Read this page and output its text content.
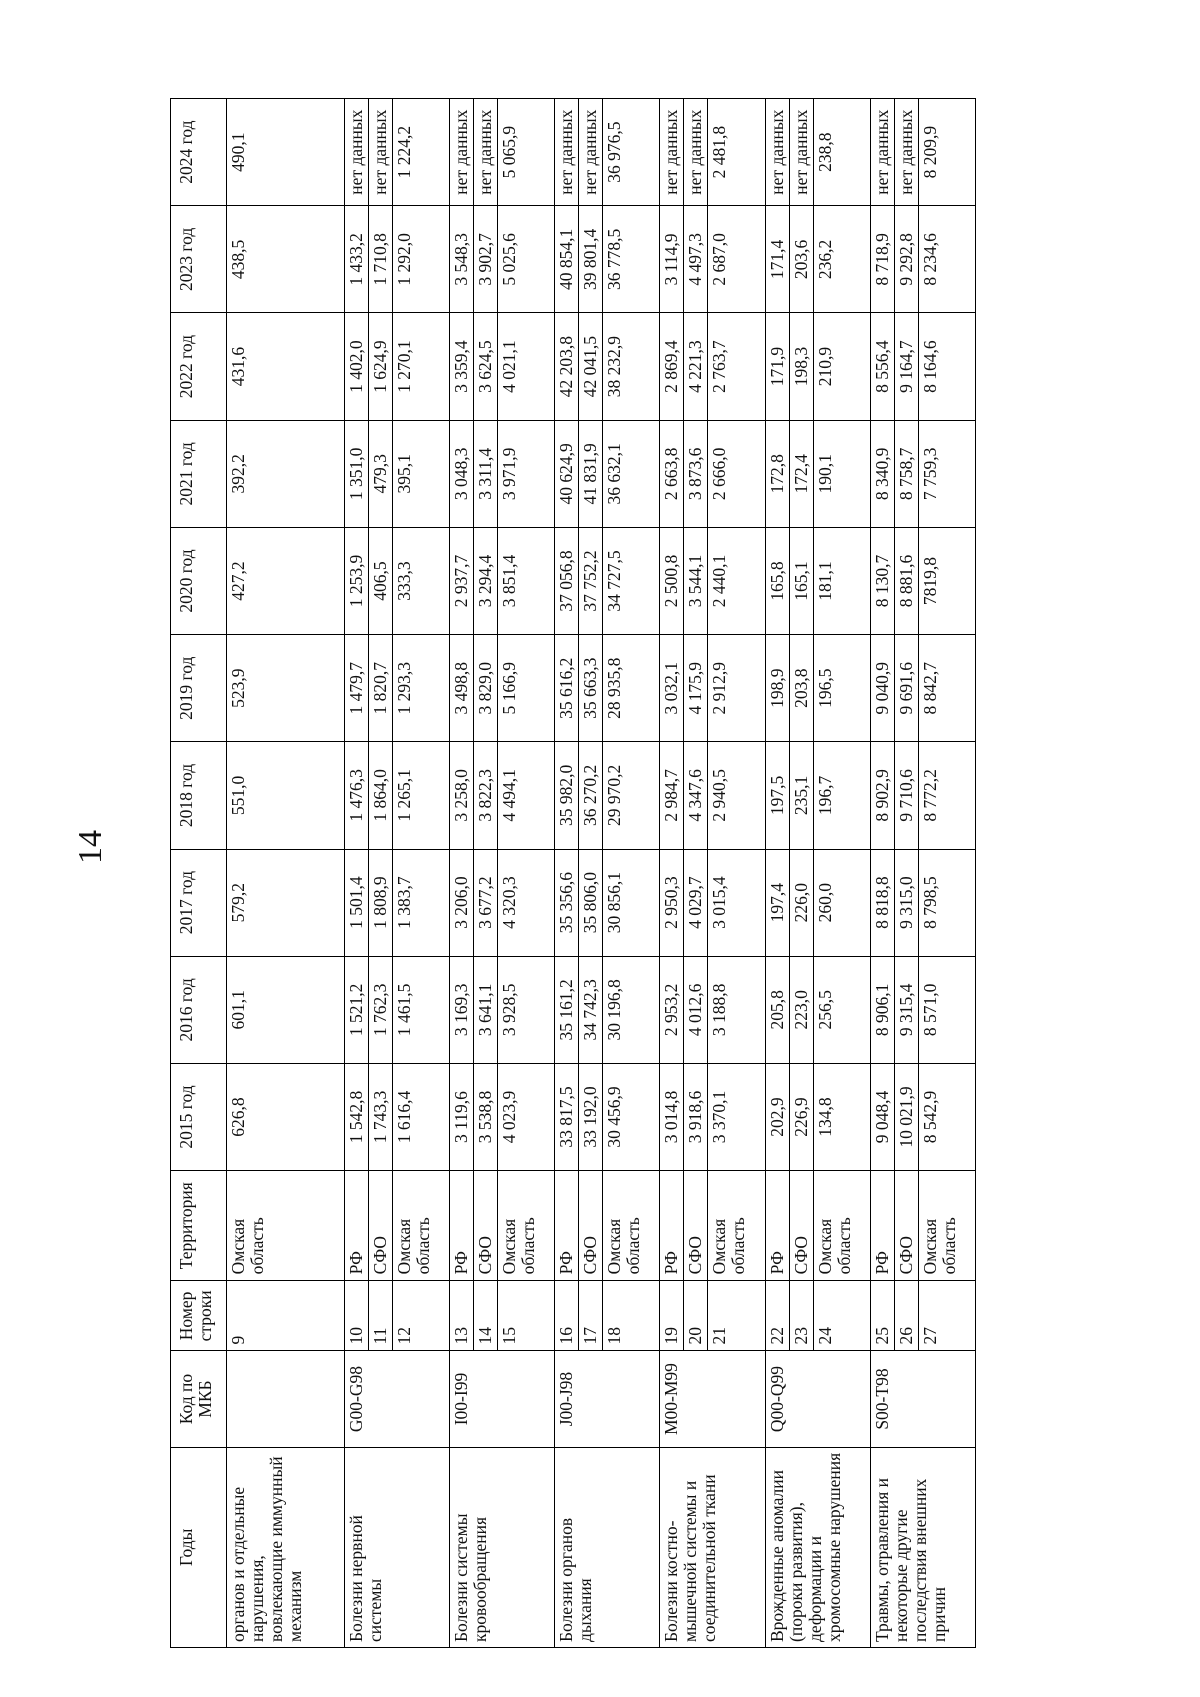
14
Годы	Код по МКБ	Номер строки	Территория	2015 год	2016 год	2017 год	2018 год	2019 год	2020 год	2021 год	2022 год	2023 год	2024 год
органов и отдельные нарушения, вовлекающие иммунный механизм		9	Омская область	626,8	601,1	579,2	551,0	523,9	427,2	392,2	431,6	438,5	490,1
Болезни нервной системы	G00-G98	10	РФ	1 542,8	1 521,2	1 501,4	1 476,3	1 479,7	1 253,9	1 351,0	1 402,0	1 433,2	нет данных
		11	СФО	1 743,3	1 762,3	1 808,9	1 864,0	1 820,7	406,5	479,3	1 624,9	1 710,8	нет данных
		12	Омская область	1 616,4	1 461,5	1 383,7	1 265,1	1 293,3	333,3	395,1	1 270,1	1 292,0	1 224,2
Болезни системы кровообращения	I00-I99	13	РФ	3 119,6	3 169,3	3 206,0	3 258,0	3 498,8	2 937,7	3 048,3	3 359,4	3 548,3	нет данных
		14	СФО	3 538,8	3 641,1	3 677,2	3 822,3	3 829,0	3 294,4	3 311,4	3 624,5	3 902,7	нет данных
		15	Омская область	4 023,9	3 928,5	4 320,3	4 494,1	5 166,9	3 851,4	3 971,9	4 021,1	5 025,6	5 065,9
Болезни органов дыхания	J00-J98	16	РФ	33 817,5	35 161,2	35 356,6	35 982,0	35 616,2	37 056,8	40 624,9	42 203,8	40 854,1	нет данных
		17	СФО	33 192,0	34 742,3	35 806,0	36 270,2	35 663,3	37 752,2	41 831,9	42 041,5	39 801,4	нет данных
		18	Омская область	30 456,9	30 196,8	30 856,1	29 970,2	28 935,8	34 727,5	36 632,1	38 232,9	36 778,5	36 976,5
Болезни костно-мышечной системы и соединительной ткани	M00-M99	19	РФ	3 014,8	2 953,2	2 950,3	2 984,7	3 032,1	2 500,8	2 663,8	2 869,4	3 114,9	нет данных
		20	СФО	3 918,6	4 012,6	4 029,7	4 347,6	4 175,9	3 544,1	3 873,6	4 221,3	4 497,3	нет данных
		21	Омская область	3 370,1	3 188,8	3 015,4	2 940,5	2 912,9	2 440,1	2 666,0	2 763,7	2 687,0	2 481,8
Врожденные аномалии (пороки развития), деформации и хромосомные нарушения	Q00-Q99	22	РФ	202,9	205,8	197,4	197,5	198,9	165,8	172,8	171,9	171,4	нет данных
		23	СФО	226,9	223,0	226,0	235,1	203,8	165,1	172,4	198,3	203,6	нет данных
		24	Омская область	134,8	256,5	260,0	196,7	196,5	181,1	190,1	210,9	236,2	238,8
Травмы, отравления и некоторые другие последствия внешних причин	S00-T98	25	РФ	9 048,4	8 906,1	8 818,8	8 902,9	9 040,9	8 130,7	8 340,9	8 556,4	8 718,9	нет данных
		26	СФО	10 021,9	9 315,4	9 315,0	9 710,6	9 691,6	8 881,6	8 758,7	9 164,7	9 292,8	нет данных
		27	Омская область	8 542,9	8 571,0	8 798,5	8 772,2	8 842,7	7819,8	7 759,3	8 164,6	8 234,6	8 209,9
